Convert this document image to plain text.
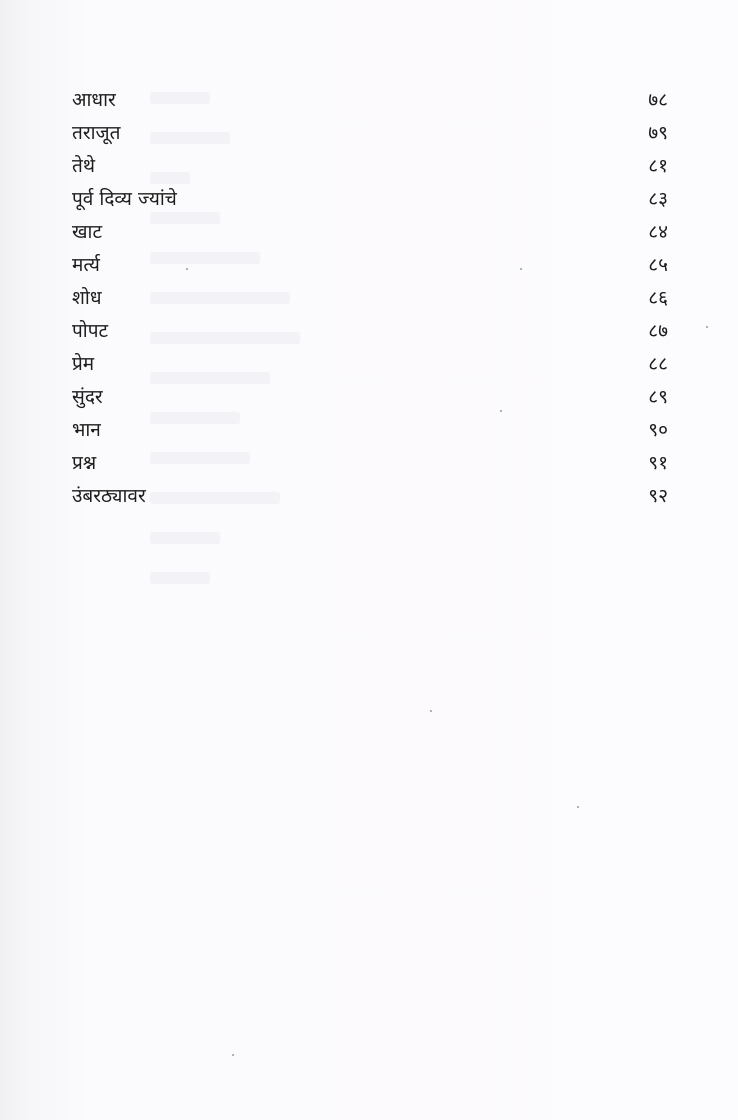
आधार	७८
तराजूत	७९
तेथे	८१
पूर्व दिव्य ज्यांचे	८३
खाट	८४
मर्त्य	८५
शोध	८६
पोपट	८७
प्रेम	८८
सुंदर	८९
भान	९०
प्रश्न	९१
उंबरठ्यावर	९२
